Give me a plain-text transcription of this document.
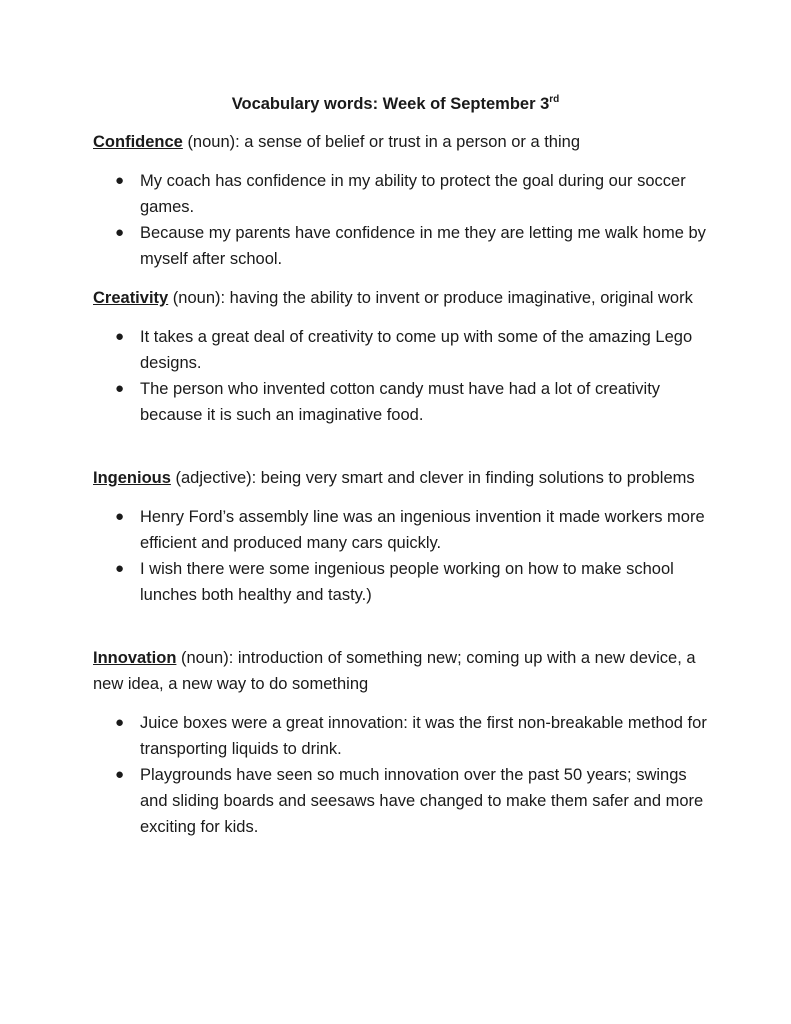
Vocabulary words: Week of September 3rd

Confidence (noun): a sense of belief or trust in a person or a thing

● My coach has confidence in my ability to protect the goal during our soccer games.
● Because my parents have confidence in me they are letting me walk home by myself after school.

Creativity (noun): having the ability to invent or produce imaginative, original work

● It takes a great deal of creativity to come up with some of the amazing Lego designs.
● The person who invented cotton candy must have had a lot of creativity because it is such an imaginative food.

Ingenious (adjective): being very smart and clever in finding solutions to problems

● Henry Ford’s assembly line was an ingenious invention it made workers more efficient and produced many cars quickly.
● I wish there were some ingenious people working on how to make school lunches both healthy and tasty.)

Innovation (noun): introduction of something new; coming up with a new device, a new idea, a new way to do something

● Juice boxes were a great innovation: it was the first non-breakable method for transporting liquids to drink.
● Playgrounds have seen so much innovation over the past 50 years; swings and sliding boards and seesaws have changed to make them safer and more exciting for kids.
